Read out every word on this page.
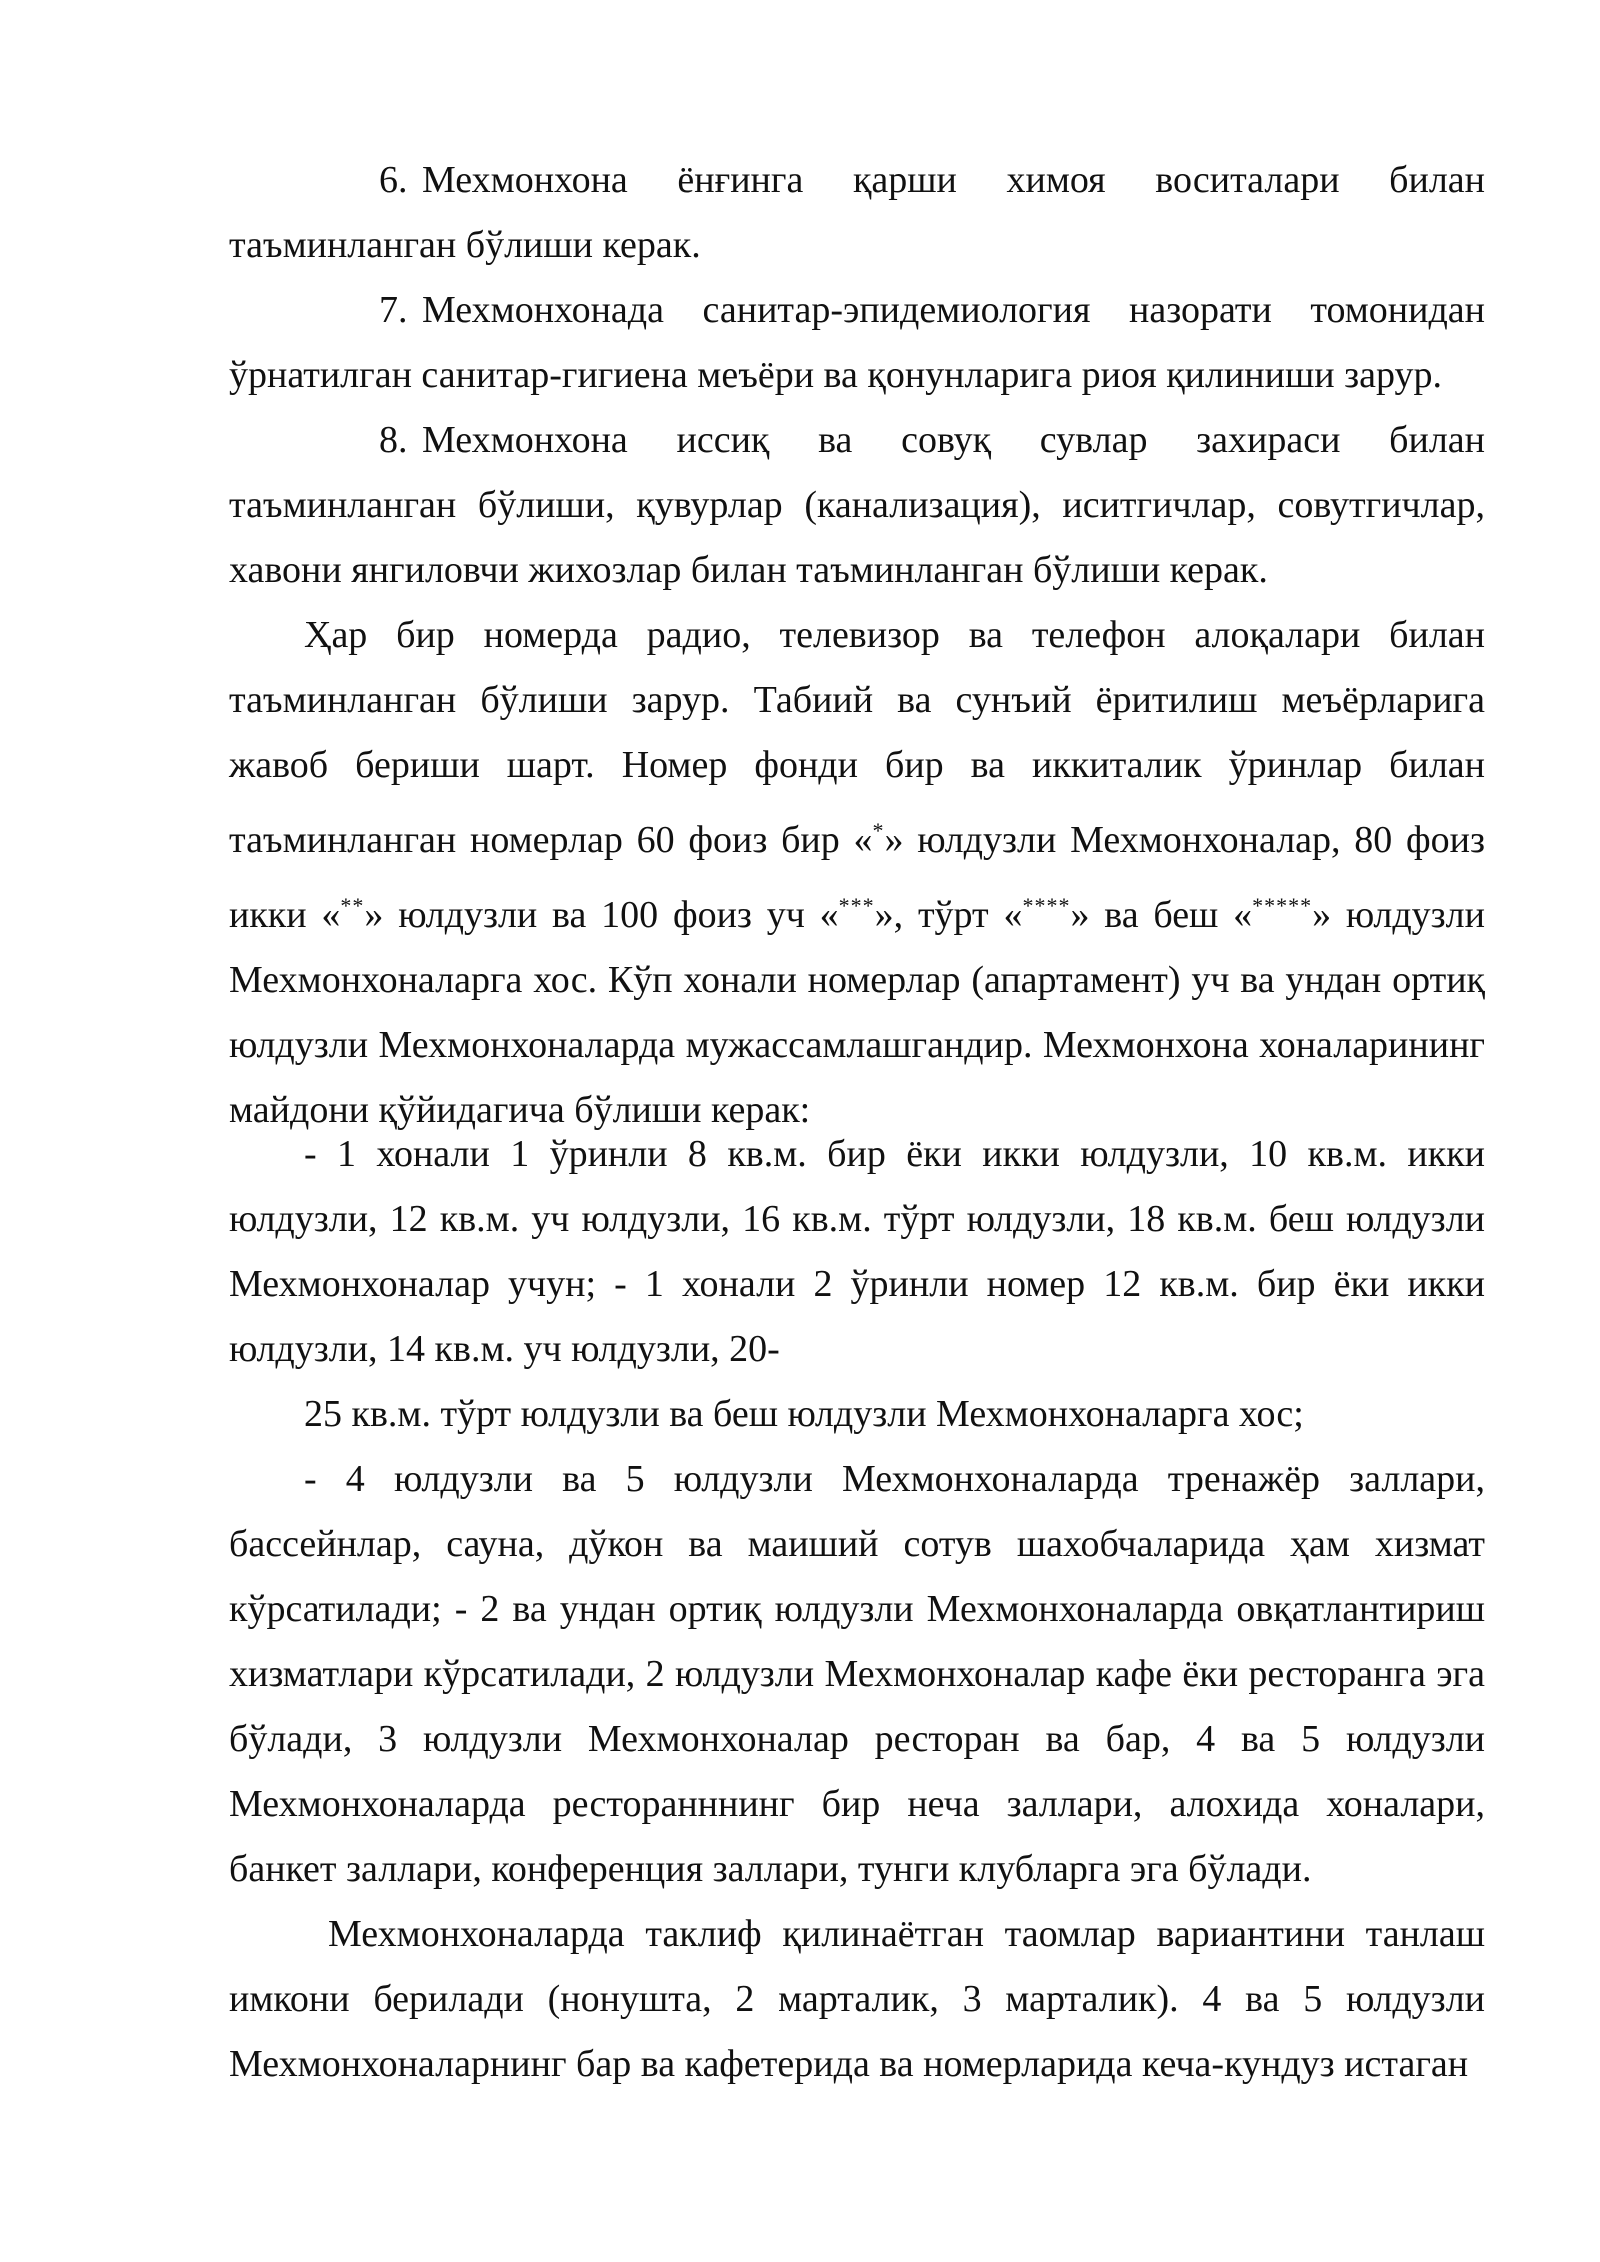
6. Мехмонхона ёнғинга қарши химоя воситалари билан таъминланган бўлиши керак.

7. Мехмонхонада санитар-эпидемиология назорати томонидан ўрнатилган санитар-гигиена меъёри ва қонунларига риоя қилиниши зарур.

8. Мехмонхона иссиқ ва совуқ сувлар захираси билан таъминланган бўлиши, қувурлар (канализация), иситгичлар, совутгичлар, хавони янгиловчи жихозлар билан таъминланган бўлиши керак.

Ҳар бир номерда радио, телевизор ва телефон алоқалари билан таъминланган бўлиши зарур. Табиий ва сунъий ёритилиш меъёрларига жавоб бериши шарт. Номер фонди бир ва иккиталик ўринлар билан таъминланган номерлар 60 фоиз бир «*» юлдузли Мехмонхоналар, 80 фоиз икки «**» юлдузли ва 100 фоиз уч «***», тўрт «****» ва беш «*****» юлдузли Мехмонхоналарга хос. Кўп хонали номерлар (апартамент) уч ва ундан ортиқ юлдузли Мехмонхоналарда мужассамлашгандир. Мехмонхона хоналарининг майдони қўйидагича бўлиши керак:

- 1 хонали 1 ўринли 8 кв.м. бир ёки икки юлдузли, 10 кв.м. икки юлдузли, 12 кв.м. уч юлдузли, 16 кв.м. тўрт юлдузли, 18 кв.м. беш юлдузли Мехмонхоналар учун; - 1 хонали 2 ўринли номер 12 кв.м. бир ёки икки юлдузли, 14 кв.м. уч юлдузли, 20-

25 кв.м. тўрт юлдузли ва беш юлдузли Мехмонхоналарга хос;

- 4 юлдузли ва 5 юлдузли Мехмонхоналарда тренажёр заллари, бассейнлар, сауна, дўкон ва маиший сотув шахобчаларида ҳам хизмат кўрсатилади; - 2 ва ундан ортиқ юлдузли Мехмонхоналарда овқатлантириш хизматлари кўрсатилади, 2 юлдузли Мехмонхоналар кафе ёки ресторанга эга бўлади, 3 юлдузли Мехмонхоналар ресторан ва бар, 4 ва 5 юлдузли Мехмонхоналарда ресторанннинг бир неча заллари, алохида хоналари, банкет заллари, конференция заллари, тунги клубларга эга бўлади.

Мехмонхоналарда таклиф қилинаётган таомлар вариантини танлаш имкони берилади (нонушта, 2 марталик, 3 марталик). 4 ва 5 юлдузли Мехмонхоналарнинг бар ва кафетерида ва номерларида кеча-кундуз истаган
